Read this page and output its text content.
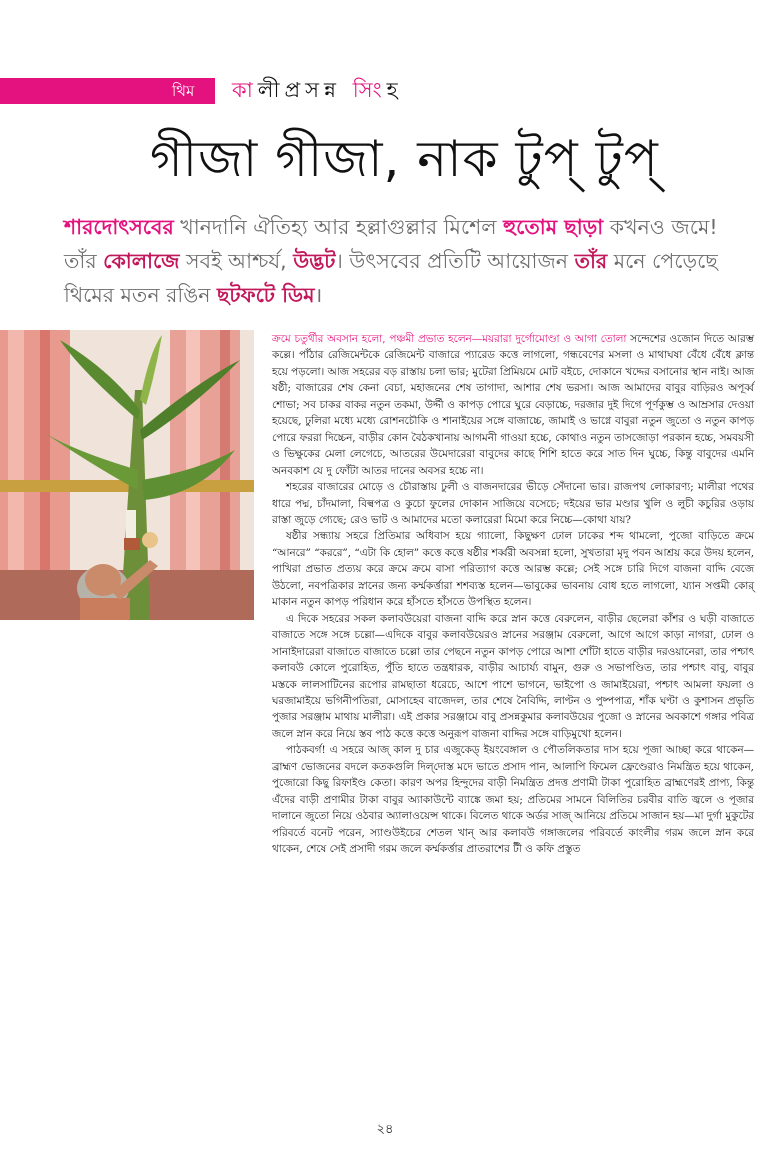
থিম কালীপ্রসন্ন সিংহ
গীজা গীজা, নাক টুপ্‌ টুপ্‌
শারদোৎসবের খানদানি ঐতিহ্য আর হল্লাগুল্লার মিশেল হুতোম ছাড়া কখনও জমে! তাঁর কোলাজে সবই আশ্চর্য, উদ্ভট। উৎসবের প্রতিটি আয়োজন তাঁর মনে পেড়েছে থিমের মতন রঙিন ছটফটে ডিম।

ক্রমে চতুর্থীর অবসান হলো, পঞ্চমী প্রভাত হলেন—ময়রারা দুর্গোমোণ্ডা ও আগা তোলা সন্দেশের ওজোন দিতে আরম্ভ কল্লে। পাঁঠার রেজিমেন্টকে রেজিমেন্ট বাজারে প্যারেড কত্তে লাগলো, গন্ধবেণের মসলা ও মাথাঘষা বেঁধে বেঁধে ক্লান্ত হয়ে পড়লো। আজ সহরের বড় রাস্তায় চলা ভার; মুটেরা প্রিমিয়মে মোট বইচে, দোকানে খদ্দের বসানোর স্থান নাই। আজ ষষ্ঠী; বাজারের শেষ কেনা বেচা, মহাজনের শেষ তাগাদা, আশার শেষ ভরসা। আজ আমাদের বাবুর বাড়িরও অপূর্ব্ব শোভা; সব চাকর বাকর নতুন তকমা, উর্দ্দী ও কাপড় পোরে ঘুরে বেড়াচ্চে, দরজার দুই দিগে পূর্ণকুম্ভ ও আম্রসার দেওয়া হয়েছে, ঢুলিরা মধ্যে মধ্যে রোশনচৌকি ও শানাইয়ের সঙ্গে বাজাচ্চে, জামাই ও ভাগ্নে বাবুরা নতুন জুতো ও নতুন কাপড় পোরে ফররা দিচ্চেন, বাড়ীর কোন বৈঠকখানায় আগমনী গাওয়া হচ্চে, কোথাও নতুন তাসজোড়া পরকান হচ্চে, সমবয়সী ও ভিক্ষুকের মেলা লেগেচে, আতরের উমেদারেরা বাবুদের কাছে শিশি হাতে করে সাত দিন ঘুচ্চে, কিন্তু বাবুদের এমনি অনবকাশ যে দু ফোঁটা আতর দানের অবসর হচ্চে না।

শহরের বাজারের মোড়ে ও চৌরাস্তায় ঢুলী ও বাজনদারের ভীড়ে সেঁদানো ভার। রাজপথ লোকারণ্য; মালীরা পথের ধারে পদ্ম, চাঁদমালা, বিল্বপত্র ও কুচো ফুলের দোকান সাজিয়ে বসেচে; দইয়ের ভার মণ্ডার খুলি ও লুচী কচুরির ওড়ায় রাস্তা জুড়ে গ্যেছে; রেও ভাট ও আমাদের মতো কলারেরা মিমো করে নিচ্চে—কোথা যায়?

ষষ্ঠীর সন্ধ্যায় সহরে প্রিতিমার অধিবাস হয়ে গ্যালো, কিছুক্ষণ ঢোল ঢাকের শব্দ থামলো, পুজো বাড়িতে ক্রমে “আনরে” “কররে”, “এটা কি হোল” কত্তে কত্তে ষষ্ঠীর শর্ব্বরী অবসন্না হলো, সুখতারা মৃদু পবন আশ্রয় করে উদয় হলেন, পাখিরা প্রভাত প্রত্যয় করে ক্রমে ক্রমে বাসা পরিত্যাগ কত্তে আরম্ভ কল্লে; সেই সঙ্গে চারি দিগে বাজনা বাদ্দি বেজে উঠলো, নবপত্রিকার স্নানের জন্য কর্ম্মকর্ত্তারা শশব্যস্ত হলেন—ভাবুকের ভাবনায় বোধ হতে লাগলো, য্যান সপ্তমী কোর্ মাকান নতুন কাপড় পরিধান করে হাঁসতে হাঁসতে উপস্থিত হলেন।

এ দিকে সহরের সকল কলাবউয়েরা বাজনা বাদ্দি করে স্নান কত্তে বেরুলেন, বাড়ীর ছেলেরা কাঁশর ও ঘড়ী বাজাতে বাজাতে সঙ্গে সঙ্গে চল্লো—এদিকে বাবুর কলাবউয়েরও স্নানের সরঞ্জাম বেরুলো, আগে আগে কাড়া নাগরা, ঢোল ও সানাইদারেরা বাজাতে বাজাতে চল্লো তার পেছনে নতুন কাপড় পোরে আশা শোঁটা হাতে বাড়ীর দরওয়ানেরা, তার পশ্চাৎ কলাবউ কোলে পুরোহিত, পুঁতি হাতে তন্ত্রধারক, বাড়ীর আচার্য্য বামুন, গুরু ও সভাপণ্ডিত, তার পশ্চাৎ বাবু, বাবুর মস্তকে লালসাটিনের রূপোর রামছাতা ধরেচে, আশে পাশে ভাগনে, ভাইপো ও জামাইয়েরা, পশ্চাৎ আমলা ফয়লা ও ঘরজামাইয়ে ভগিনীপতিরা, মোসাহেব বাজেদল, তার শেষে নৈবিদ্দি, লাণ্টন ও পুষ্পপাত্র, শাঁক ঘণ্টা ও কুশাসন প্রভৃতি পুজার সরঞ্জাম মাথায় মালীরা। এই প্রকার সরঞ্জামে বাবু প্রসন্নকুমার কলাবউয়ের পুজো ও স্নানের অবকাশে গঙ্গার পবিত্র জলে স্নান করে নিয়ে স্তব পাঠ কত্তে কত্তে অনুরূপ বাজনা বাদ্দির সঙ্গে বাড়িমুখো হলেন।

পাঠকবর্গ! এ সহরে আজ্ কাল দু চার এজুকেড্ ইয়ংবেঙ্গাল ও পৌতলিকতার দাস হয়ে পূজা আচ্ছা করে থাকেন—ব্রাহ্মণ ভোজনের বদলে কতকগুলি দিল্‌দোস্ত মদে ভাতে প্রসাদ পান, আলাপি ফিমেল ফ্রেণ্ডেরাও নিমন্ত্রিত হয়ে থাকেন, পুজোরো কিছু রিফাইণ্ড কেতা। কারণ অপর হিন্দুদের বাড়ী নিমন্ত্রিত প্রদত্ত প্রণামী টাকা পুরোহিত ব্রাহ্মণেরই প্রাপ্য, কিন্তু এঁদের বাড়ী প্রণামীর টাকা বাবুর অ্যাকাউন্টে ব্যাঙ্কে জমা হয়; প্রতিমের সামনে বিলিতির চরবীর বাতি জ্বলে ও পূজার দালানে জুতো নিয়ে ওঠবার অ্যালাওয়েন্স থাকে। বিলেত থাকে অর্ডর সাজ্ আনিয়ে প্রতিমে সাজান হয়—মা দুর্গা মুকুটের পরিবর্তে বনেট পরেন, স্যাণ্ডউইচের শেতল খান্ আর কলাবউ গঙ্গাজলের পরিবর্তে কাংলীর গরম জলে স্নান করে থাকেন, শেষে সেই প্রসাদী গরম জলে কর্ম্মকর্ত্তার প্রাতরাশের টী ও কফি প্রস্তুত

২৪
